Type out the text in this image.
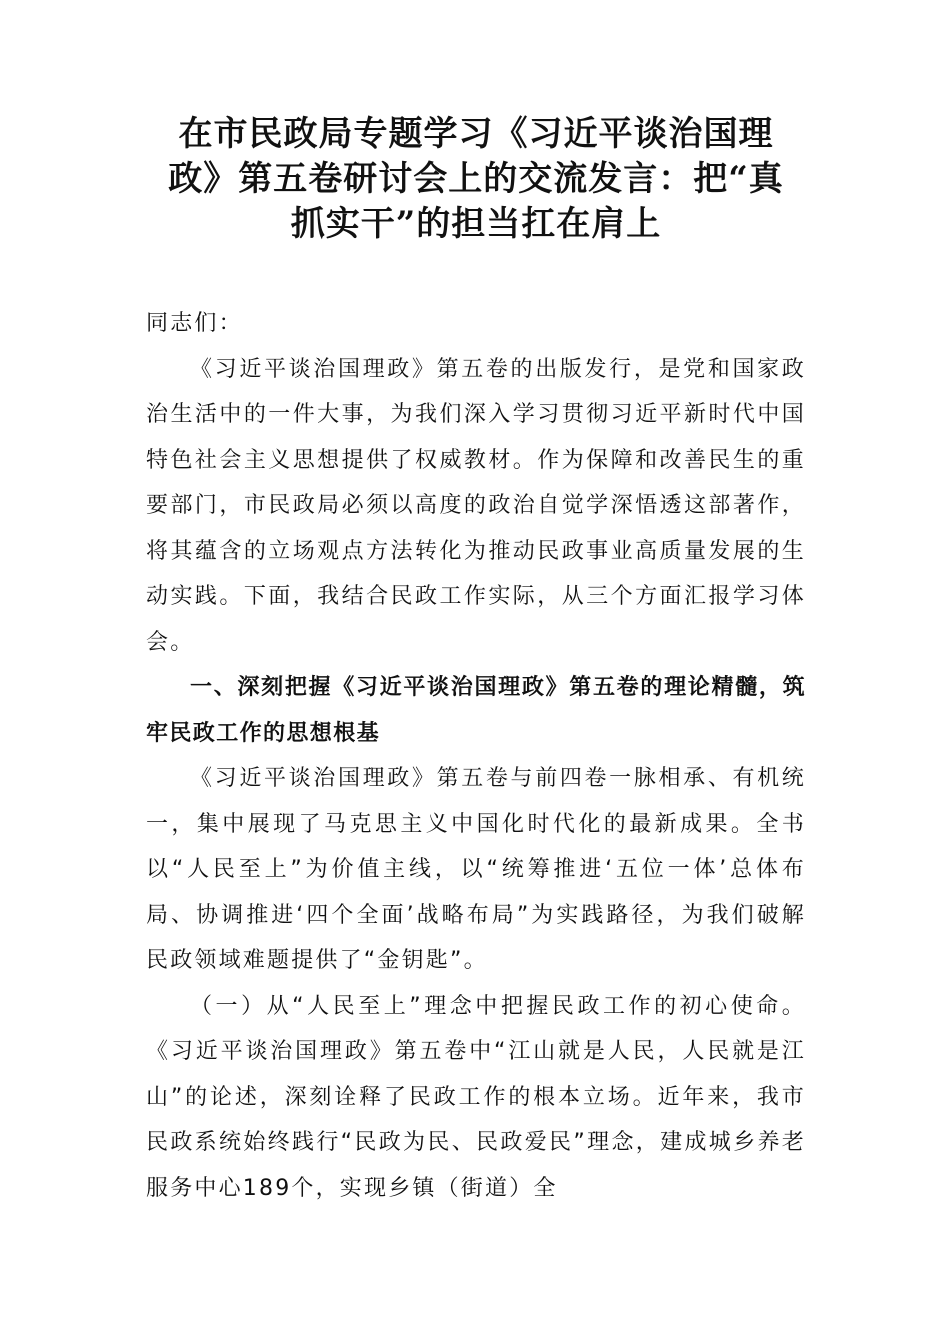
在市民政局专题学习《习近平谈治国理
政》第五卷研讨会上的交流发言：把“真
抓实干”的担当扛在肩上

同志们：

《习近平谈治国理政》第五卷的出版发行，是党和国家政治生活中的一件大事，为我们深入学习贯彻习近平新时代中国特色社会主义思想提供了权威教材。作为保障和改善民生的重要部门，市民政局必须以高度的政治自觉学深悟透这部著作，将其蕴含的立场观点方法转化为推动民政事业高质量发展的生动实践。下面，我结合民政工作实际，从三个方面汇报学习体会。

一、深刻把握《习近平谈治国理政》第五卷的理论精髓，筑牢民政工作的思想根基

《习近平谈治国理政》第五卷与前四卷一脉相承、有机统一，集中展现了马克思主义中国化时代化的最新成果。全书以“人民至上”为价值主线，以“统筹推进‘五位一体’总体布局、协调推进‘四个全面’战略布局”为实践路径，为我们破解民政领域难题提供了“金钥匙”。

（一）从“人民至上”理念中把握民政工作的初心使命。《习近平谈治国理政》第五卷中“江山就是人民，人民就是江山”的论述，深刻诠释了民政工作的根本立场。近年来，我市民政系统始终践行“民政为民、民政爱民”理念，建成城乡养老服务中心189个，实现乡镇（街道）全
